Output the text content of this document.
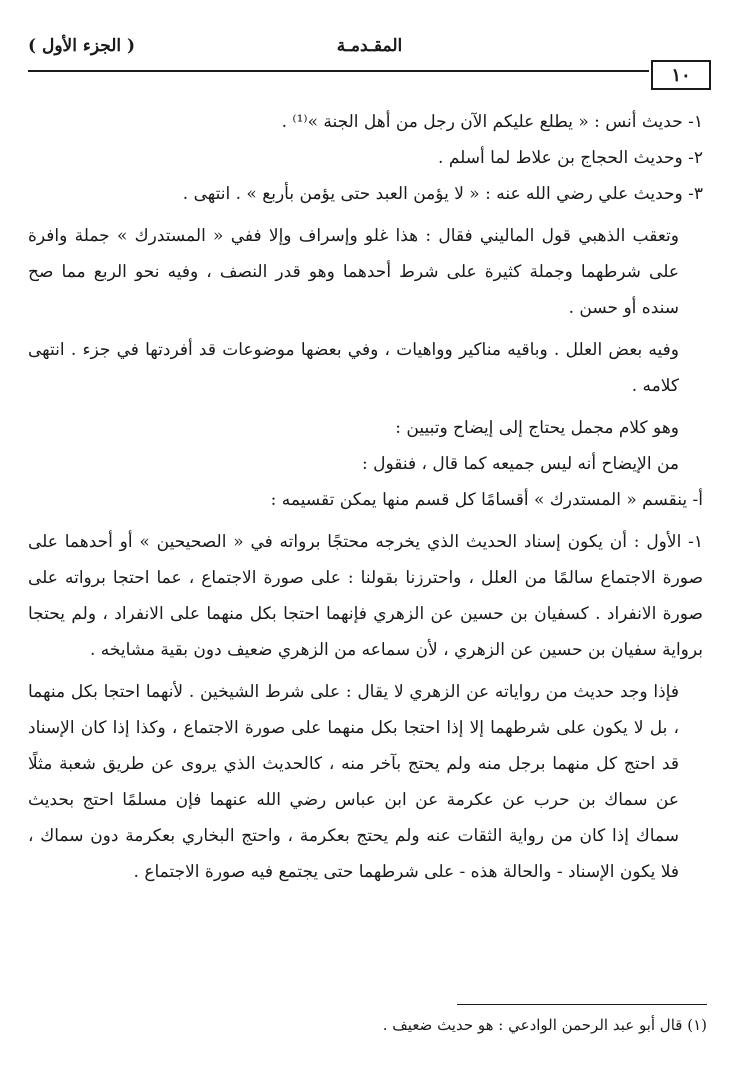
( الجزء الأول )	المقـدمـة
١٠

١- حديث أنس : « يطلع عليكم الآن رجل من أهل الجنة »⁽¹⁾ .

٢- وحديث الحجاج بن علاط لما أسلم .

٣- وحديث علي رضي الله عنه : « لا يؤمن العبد حتى يؤمن بأربع » . انتهى .

وتعقب الذهبي قول الماليني فقال : هذا غلو وإسراف وإلا ففي « المستدرك » جملة وافرة على شرطهما وجملة كثيرة على شرط أحدهما وهو قدر النصف ، وفيه نحو الربع مما صح سنده أو حسن .

وفيه بعض العلل . وباقيه مناكير وواهيات ، وفي بعضها موضوعات قد أفردتها في جزء . انتهى كلامه .

وهو كلام مجمل يحتاج إلى إيضاح وتبيين :

من الإيضاح أنه ليس جميعه كما قال ، فنقول :

أ- ينقسم « المستدرك » أقسامًا كل قسم منها يمكن تقسيمه :

١- الأول : أن يكون إسناد الحديث الذي يخرجه محتجًا برواته في « الصحيحين » أو أحدهما على صورة الاجتماع سالمًا من العلل ، واحترزنا بقولنا : على صورة الاجتماع ، عما احتجا برواته على صورة الانفراد . كسفيان بن حسين عن الزهري فإنهما احتجا بكل منهما على الانفراد ، ولم يحتجا برواية سفيان بن حسين عن الزهري ، لأن سماعه من الزهري ضعيف دون بقية مشايخه .

فإذا وجد حديث من رواياته عن الزهري لا يقال : على شرط الشيخين . لأنهما احتجا بكل منهما ، بل لا يكون على شرطهما إلا إذا احتجا بكل منهما على صورة الاجتماع ، وكذا إذا كان الإسناد قد احتج كل منهما برجل منه ولم يحتج بآخر منه ، كالحديث الذي يروى عن طريق شعبة مثلًا عن سماك بن حرب عن عكرمة عن ابن عباس رضي الله عنهما فإن مسلمًا احتج بحديث سماك إذا كان من رواية الثقات عنه ولم يحتج بعكرمة ، واحتج البخاري بعكرمة دون سماك ، فلا يكون الإسناد - والحالة هذه - على شرطهما حتى يجتمع فيه صورة الاجتماع .

(١) قال أبو عبد الرحمن الوادعي : هو حديث ضعيف .
